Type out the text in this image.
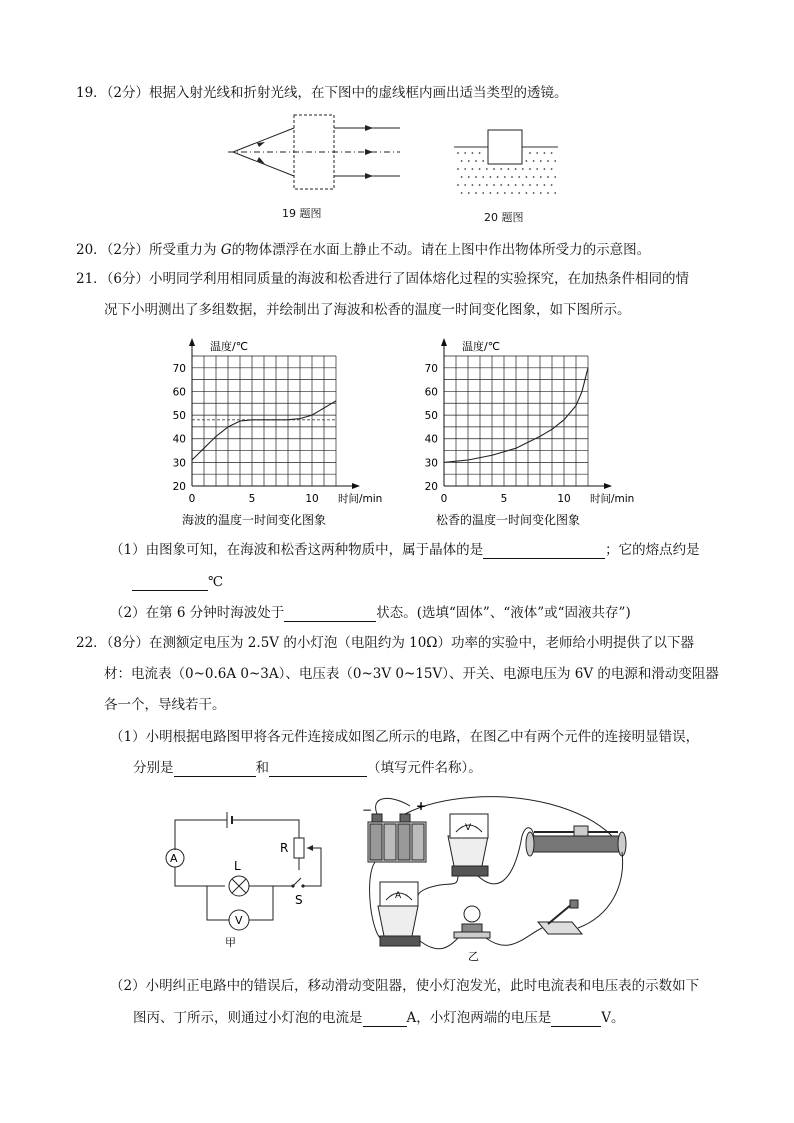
19．（2分）根据入射光线和折射光线，在下图中的虚线框内画出适当类型的透镜。
19 题图	20 题图
20．（2分）所受重力为 G的物体漂浮在水面上静止不动。请在上图中作出物体所受力的示意图。
21．（6分）小明同学利用相同质量的海波和松香进行了固体熔化过程的实验探究，在加热条件相同的情
况下小明测出了多组数据，并绘制出了海波和松香的温度一时间变化图象，如下图所示。
20
30
40
50
60
70
0	5	10
温度/℃
时间/min
海波的温度一时间变化图象
20
30
40
50
60
70
0	5	10
温度/℃
时间/min
松香的温度一时间变化图象
（1）由图象可知，在海波和松香这两种物质中，属于晶体的是	；它的熔点约是
℃
（2）在第 6 分钟时海波处于	状态。(选填“固体”、“液体”或“固液共存”)
22．（8分）在测额定电压为 2.5V 的小灯泡（电阻约为 10Ω）功率的实验中，老师给小明提供了以下器
材：电流表（0~0.6A 0~3A）、电压表（0~3V 0~15V）、开关、电源电压为 6V 的电源和滑动变阻器
各一个，导线若干。
（1）小明根据电路图甲将各元件连接成如图乙所示的电路，在图乙中有两个元件的连接明显错误，
分别是	和	（填写元件名称）。
A
R
L
S
V
甲
−	+
V
A
乙
（2）小明纠正电路中的错误后，移动滑动变阻器，使小灯泡发光，此时电流表和电压表的示数如下
图丙、丁所示，则通过小灯泡的电流是	A，小灯泡两端的电压是	V。
